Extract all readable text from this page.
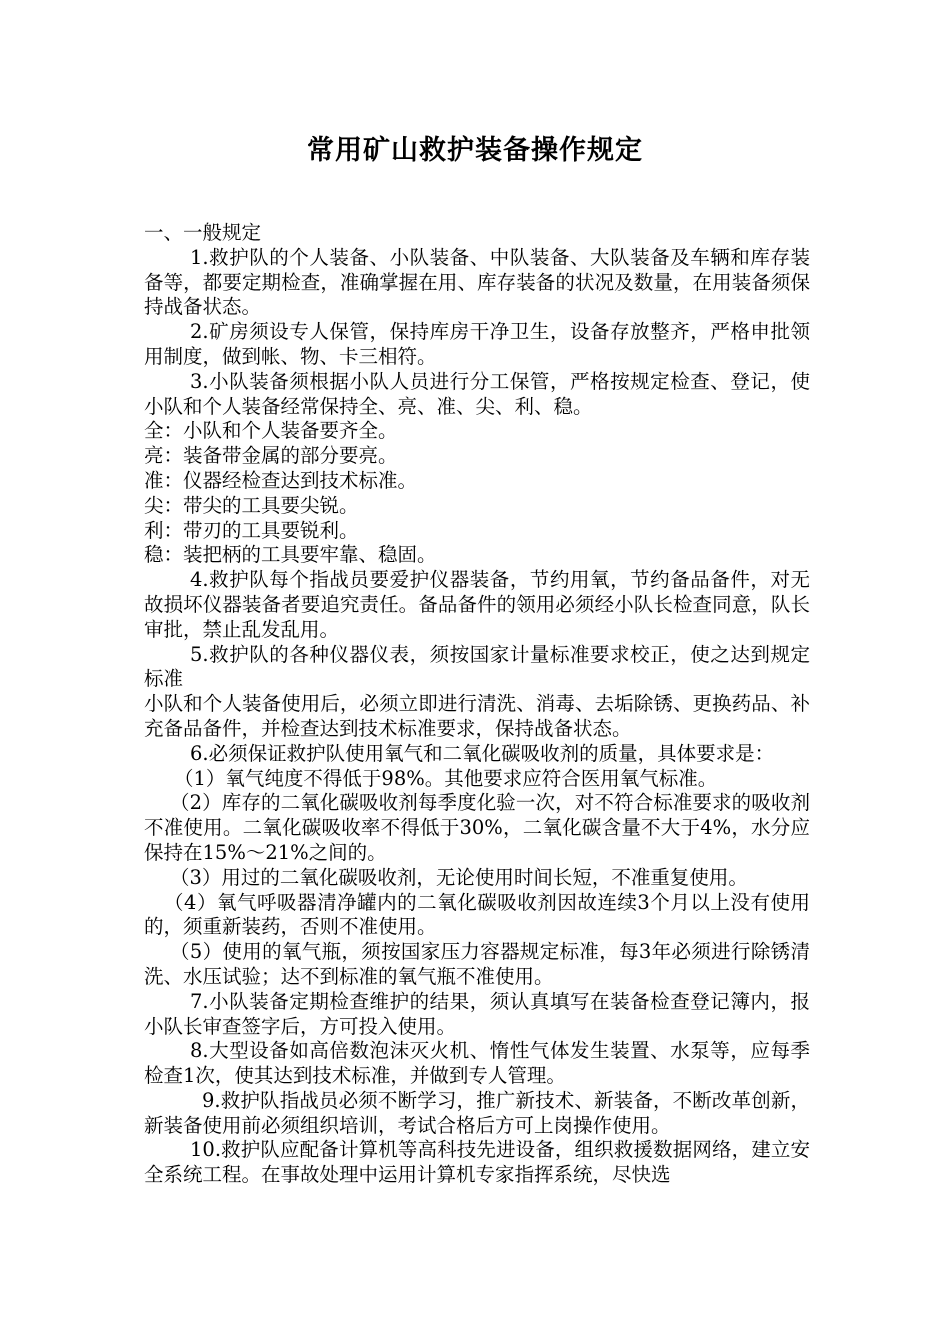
常用矿山救护装备操作规定

一、一般规定

1.救护队的个人装备、小队装备、中队装备、大队装备及车辆和库存装备等，都要定期检查，准确掌握在用、库存装备的状况及数量，在用装备须保持战备状态。

2.矿房须设专人保管，保持库房干净卫生，设备存放整齐，严格申批领用制度，做到帐、物、卡三相符。

3.小队装备须根据小队人员进行分工保管，严格按规定检查、登记，使小队和个人装备经常保持全、亮、准、尖、利、稳。

全：小队和个人装备要齐全。

亮：装备带金属的部分要亮。

准：仪器经检查达到技术标准。

尖：带尖的工具要尖锐。

利：带刃的工具要锐利。

稳：装把柄的工具要牢靠、稳固。

4.救护队每个指战员要爱护仪器装备，节约用氧，节约备品备件，对无故损坏仪器装备者要追究责任。备品备件的领用必须经小队长检查同意，队长审批，禁止乱发乱用。

5.救护队的各种仪器仪表，须按国家计量标准要求校正，使之达到规定标准

小队和个人装备使用后，必须立即进行清洗、消毒、去垢除锈、更换药品、补充备品备件，并检查达到技术标准要求，保持战备状态。

6.必须保证救护队使用氧气和二氧化碳吸收剂的质量，具体要求是：

（1）氧气纯度不得低于98%。其他要求应符合医用氧气标准。

（2）库存的二氧化碳吸收剂每季度化验一次，对不符合标准要求的吸收剂不准使用。二氧化碳吸收率不得低于30%，二氧化碳含量不大于4%，水分应保持在15%～21%之间的。

（3）用过的二氧化碳吸收剂，无论使用时间长短，不准重复使用。

（4）氧气呼吸器清净罐内的二氧化碳吸收剂因故连续3个月以上没有使用的，须重新装药，否则不准使用。

（5）使用的氧气瓶，须按国家压力容器规定标准，每3年必须进行除锈清洗、水压试验；达不到标准的氧气瓶不准使用。

7.小队装备定期检查维护的结果，须认真填写在装备检查登记簿内，报小队长审查签字后，方可投入使用。

8.大型设备如高倍数泡沫灭火机、惰性气体发生装置、水泵等，应每季检查1次，使其达到技术标准，并做到专人管理。

9.救护队指战员必须不断学习，推广新技术、新装备，不断改革创新，新装备使用前必须组织培训，考试合格后方可上岗操作使用。

10.救护队应配备计算机等高科技先进设备，组织救援数据网络，建立安全系统工程。在事故处理中运用计算机专家指挥系统，尽快选
